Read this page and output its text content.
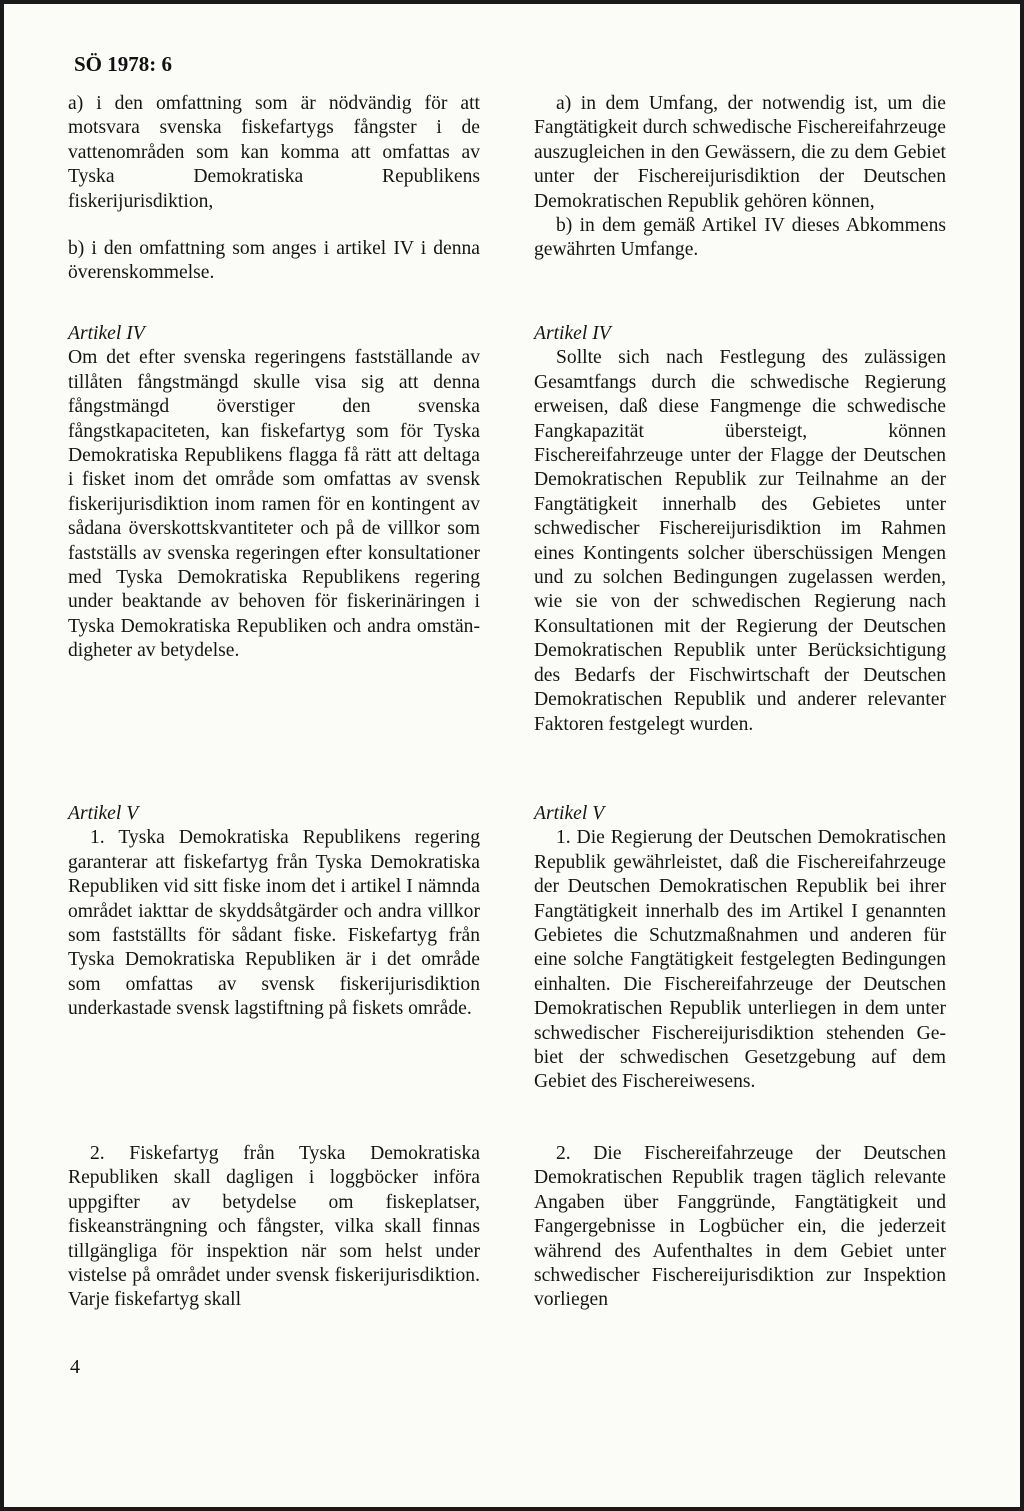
SÖ 1978: 6

a) i den omfattning som är nödvändig för att motsvara svenska fiskefartygs fångster i de vattenområden som kan komma att omfattas av Tyska Demokratiska Republikens fiskerijurisdiktion,

b) i den omfattning som anges i artikel IV i denna överenskommelse.

Artikel IV

Om det efter svenska regeringens fastställande av tillåten fångstmängd skulle visa sig att denna fångstmängd överstiger den svenska fångstkapaciteten, kan fiskefartyg som för Tyska Demokratiska Republikens flagga få rätt att deltaga i fisket inom det område som omfattas av svensk fiskerijurisdiktion inom ramen för en kontingent av sådana överskottskvantiteter och på de villkor som fastställs av svenska regeringen efter konsultationer med Tyska Demokratiska Republikens regering under beaktande av behoven för fiskerinäringen i Tyska Demokratiska Republiken och andra omständigheter av betydelse.

Artikel V

1. Tyska Demokratiska Republikens regering garanterar att fiskefartyg från Tyska Demokratiska Republiken vid sitt fiske inom det i artikel I nämnda området iakttar de skyddsåtgärder och andra villkor som fastställts för sådant fiske. Fiskefartyg från Tyska Demokratiska Republiken är i det område som omfattas av svensk fiskerijurisdiktion underkastade svensk lagstiftning på fiskets område.

2. Fiskefartyg från Tyska Demokratiska Republiken skall dagligen i loggböcker införa uppgifter av betydelse om fiskeplatser, fiskeansträngning och fångster, vilka skall finnas tillgängliga för inspektion när som helst under vistelse på området under svensk fiskerijurisdiktion. Varje fiskefartyg skall

a) in dem Umfang, der notwendig ist, um die Fangtätigkeit durch schwedische Fischereifahrzeuge auszugleichen in den Gewässern, die zu dem Gebiet unter der Fischereijurisdiktion der Deutschen Demokratischen Republik gehören können,

b) in dem gemäß Artikel IV dieses Abkommens gewährten Umfange.

Artikel IV

Sollte sich nach Festlegung des zulässigen Gesamtfangs durch die schwedische Regierung erweisen, daß diese Fangmenge die schwedische Fangkapazität übersteigt, können Fischereifahrzeuge unter der Flagge der Deutschen Demokratischen Republik zur Teilnahme an der Fangtätigkeit innerhalb des Gebietes unter schwedischer Fischereijurisdiktion im Rahmen eines Kontingents solcher überschüssigen Mengen und zu solchen Bedingungen zugelassen werden, wie sie von der schwedischen Regierung nach Konsultationen mit der Regierung der Deutschen Demokratischen Republik unter Berücksichtigung des Bedarfs der Fischwirtschaft der Deutschen Demokratischen Republik und anderer relevanter Faktoren festgelegt wurden.

Artikel V

1. Die Regierung der Deutschen Demokratischen Republik gewährleistet, daß die Fischereifahrzeuge der Deutschen Demokratischen Republik bei ihrer Fangtätigkeit innerhalb des im Artikel I genannten Gebietes die Schutzmaßnahmen und anderen für eine solche Fangtätigkeit festgelegten Bedingungen einhalten. Die Fischereifahrzeuge der Deutschen Demokratischen Republik unterliegen in dem unter schwedischer Fischereijurisdiktion stehenden Gebiet der schwedischen Gesetzgebung auf dem Gebiet des Fischereiwesens.

2. Die Fischereifahrzeuge der Deutschen Demokratischen Republik tragen täglich relevante Angaben über Fanggründe, Fangtätigkeit und Fangergebnisse in Logbücher ein, die jederzeit während des Aufenthaltes in dem Gebiet unter schwedischer Fischereijurisdiktion zur Inspektion vorliegen

4
